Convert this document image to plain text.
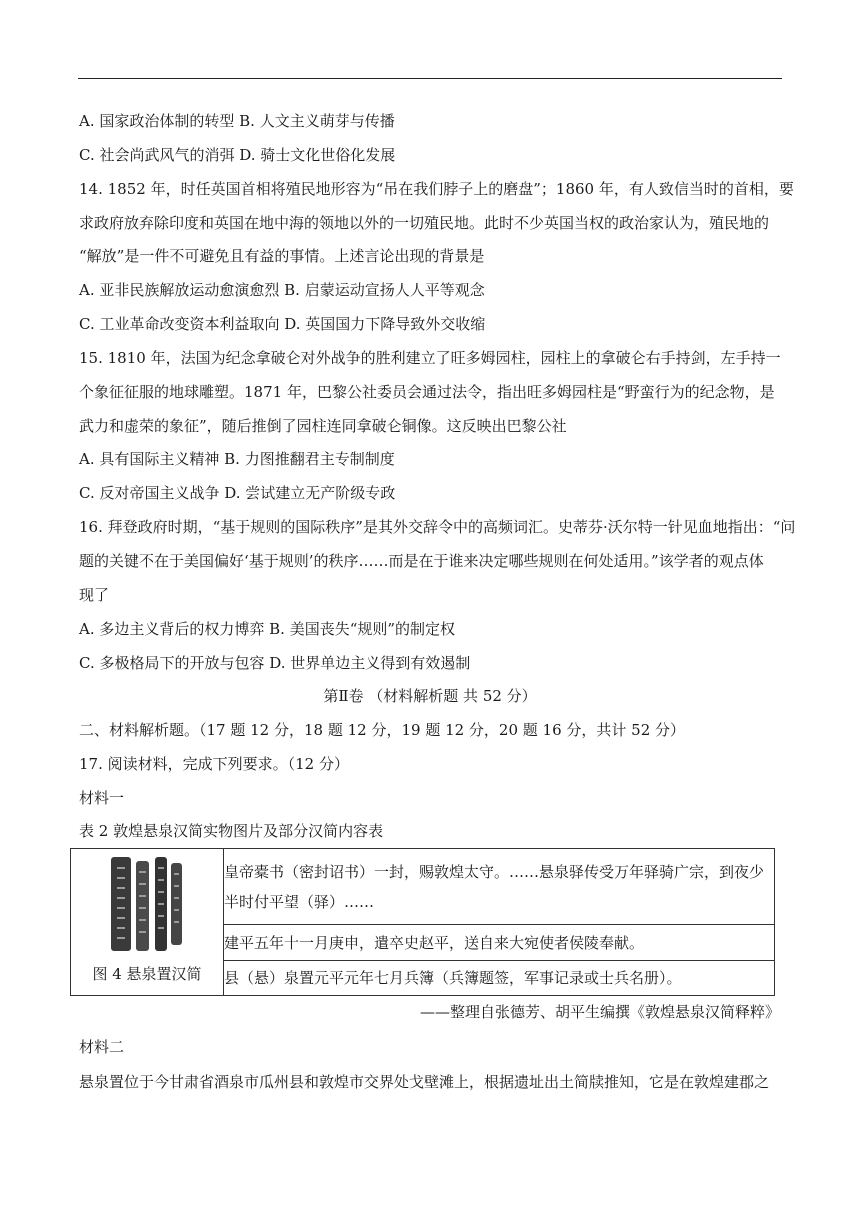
A. 国家政治体制的转型 B. 人文主义萌芽与传播
C. 社会尚武风气的消弭 D. 骑士文化世俗化发展
14. 1852 年，时任英国首相将殖民地形容为“吊在我们脖子上的磨盘”；1860 年，有人致信当时的首相，要
求政府放弃除印度和英国在地中海的领地以外的一切殖民地。此时不少英国当权的政治家认为，殖民地的
“解放”是一件不可避免且有益的事情。上述言论出现的背景是
A. 亚非民族解放运动愈演愈烈 B. 启蒙运动宣扬人人平等观念
C. 工业革命改变资本利益取向 D. 英国国力下降导致外交收缩
15. 1810 年，法国为纪念拿破仑对外战争的胜利建立了旺多姆园柱，园柱上的拿破仑右手持剑，左手持一
个象征征服的地球雕塑。1871 年，巴黎公社委员会通过法令，指出旺多姆园柱是“野蛮行为的纪念物，是
武力和虚荣的象征”，随后推倒了园柱连同拿破仑铜像。这反映出巴黎公社
A. 具有国际主义精神 B. 力图推翻君主专制制度
C. 反对帝国主义战争 D. 尝试建立无产阶级专政
16. 拜登政府时期，“基于规则的国际秩序”是其外交辞令中的高频词汇。史蒂芬·沃尔特一针见血地指出：“问
题的关键不在于美国偏好‘基于规则’的秩序……而是在于谁来决定哪些规则在何处适用。”该学者的观点体
现了
A. 多边主义背后的权力博弈 B. 美国丧失“规则”的制定权
C. 多极格局下的开放与包容 D. 世界单边主义得到有效遏制
第Ⅱ卷 （材料解析题 共 52 分）
二、材料解析题。（17 题 12 分，18 题 12 分，19 题 12 分，20 题 16 分，共计 52 分）
17. 阅读材料，完成下列要求。（12 分）
材料一
表 2 敦煌悬泉汉简实物图片及部分汉简内容表
图 4 悬泉置汉简
	皇帝橐书（密封诏书）一封，赐敦煌太守。……悬泉驿传受万年驿骑广宗，到夜少半时付平望（驿）……
建平五年十一月庚申，遣卒史赵平，送自来大宛使者侯陵奉献。
县（悬）泉置元平元年七月兵簿（兵簿题签，军事记录或士兵名册）。
——整理自张德芳、胡平生编撰《敦煌悬泉汉简释粹》
材料二
悬泉置位于今甘肃省酒泉市瓜州县和敦煌市交界处戈壁滩上，根据遗址出土简牍推知，它是在敦煌建郡之
